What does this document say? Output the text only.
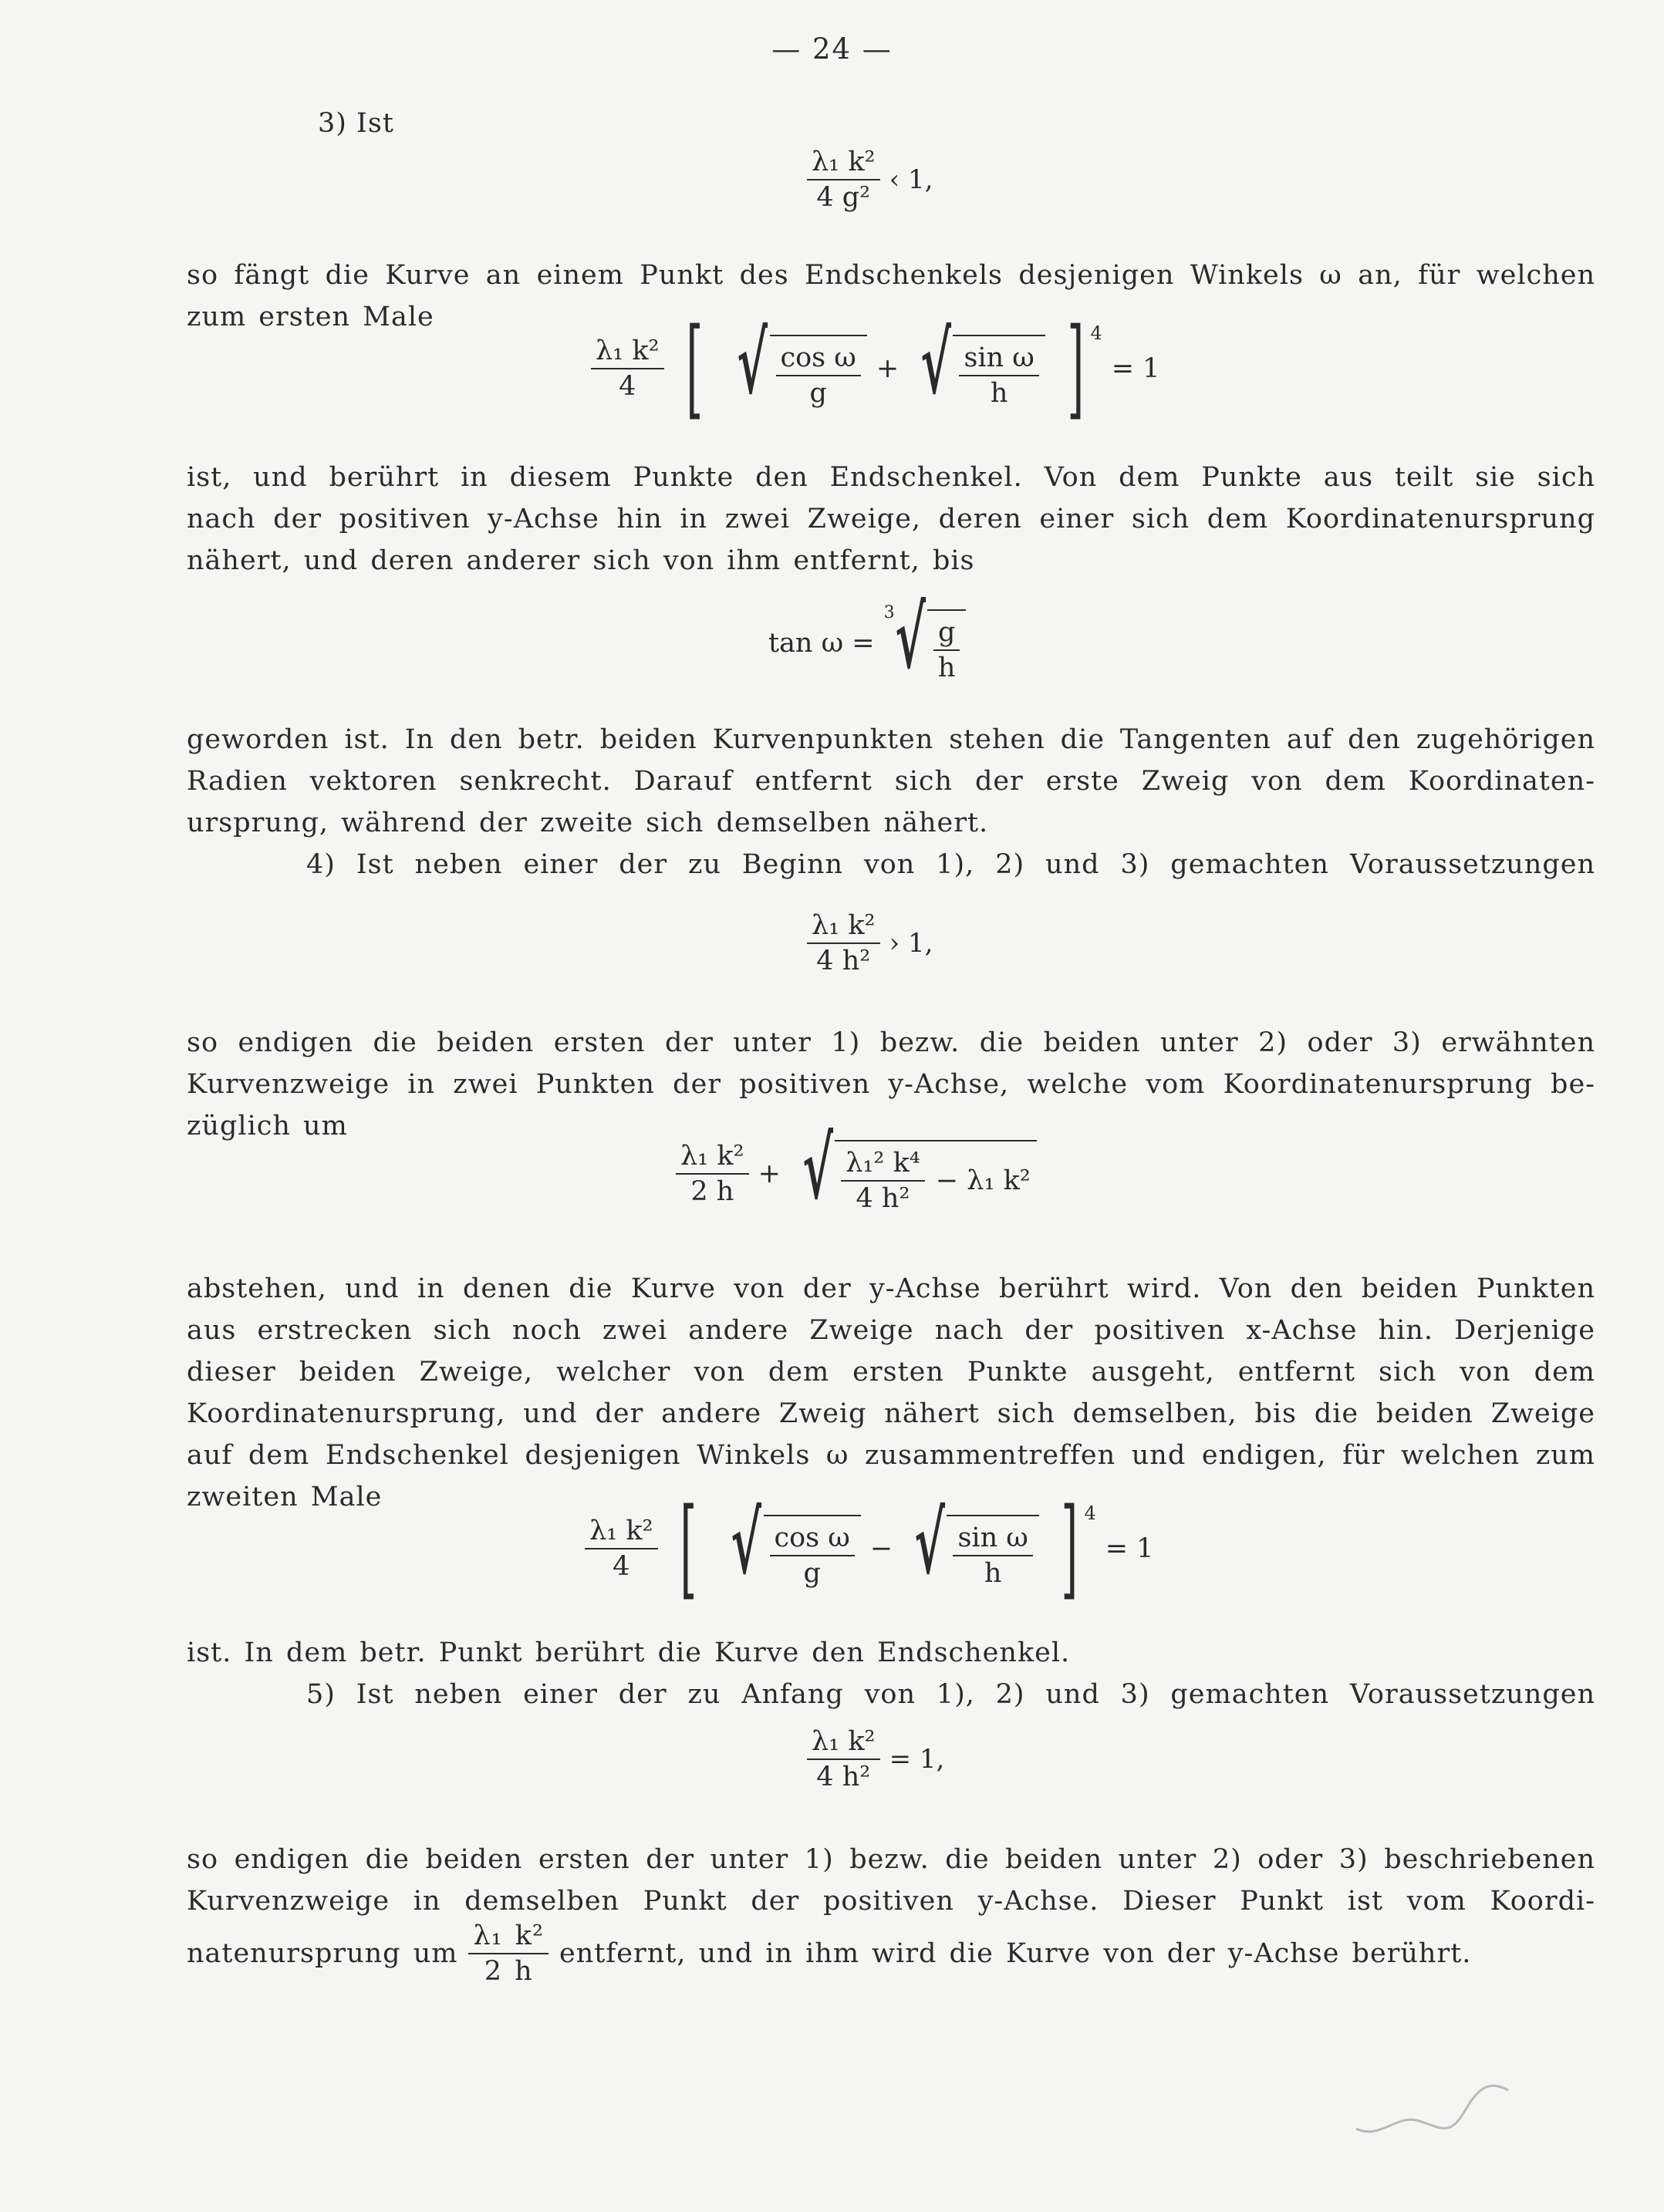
— 24 —
3) Ist
$\frac{\text{λ₁ k²}}{\text{4 g²}}$ ‹ 1,
so fängt die Kurve an einem Punkt des Endschenkels desjenigen Winkels ω an, für welchen
zum ersten Male
$\frac{\text{λ₁ k²}}{4}$ [ √ $\frac{\text{cos ω}}{g}$ + √ $\frac{\text{sin ω}}{h}$ ] 4
= 1
ist, und berührt in diesem Punkte den Endschenkel. Von dem Punkte aus teilt sie sich
nach der positiven y-Achse hin in zwei Zweige, deren einer sich dem Koordinatenursprung
nähert, und deren anderer sich von ihm entfernt, bis
tan ω =
3 √ $\frac{g}{h}$
geworden ist. In den betr. beiden Kurvenpunkten stehen die Tangenten auf den zugehörigen
Radien vektoren senkrecht. Darauf entfernt sich der erste Zweig von dem Koordinaten-
ursprung, während der zweite sich demselben nähert.
4) Ist neben einer der zu Beginn von 1), 2) und 3) gemachten Voraussetzungen
$\frac{\text{λ₁ k²}}{\text{4 h²}}$ › 1,
so endigen die beiden ersten der unter 1) bezw. die beiden unter 2) oder 3) erwähnten
Kurvenzweige in zwei Punkten der positiven y-Achse, welche vom Koordinatenursprung be-
züglich um
$\frac{\text{λ₁ k²}}{2 h}$ + √ $\frac{\text{λ₁² k⁴}}{\text{4 h²}} - \lambda_1$ k²
abstehen, und in denen die Kurve von der y-Achse berührt wird. Von den beiden Punkten
aus erstrecken sich noch zwei andere Zweige nach der positiven x-Achse hin. Derjenige
dieser beiden Zweige, welcher von dem ersten Punkte ausgeht, entfernt sich von dem
Koordinatenursprung, und der andere Zweig nähert sich demselben, bis die beiden Zweige
auf dem Endschenkel desjenigen Winkels ω zusammentreffen und endigen, für welchen zum
zweiten Male
$\frac{\text{λ₁ k²}}{4}$ [ √ $\frac{\text{cos ω}}{g}$ − √ $\frac{\text{sin ω}}{h}$ ] 4
= 1
ist. In dem betr. Punkt berührt die Kurve den Endschenkel.
5) Ist neben einer der zu Anfang von 1), 2) und 3) gemachten Voraussetzungen
$\frac{\text{λ₁ k²}}{\text{4 h²}} = 1$,
so endigen die beiden ersten der unter 1) bezw. die beiden unter 2) oder 3) beschriebenen
Kurvenzweige in demselben Punkt der positiven y-Achse. Dieser Punkt ist vom Koordi-
natenursprung um $\frac{\text{λ₁ k²}}{2 h}$ entfernt, und in ihm wird die Kurve von der y-Achse berührt.
